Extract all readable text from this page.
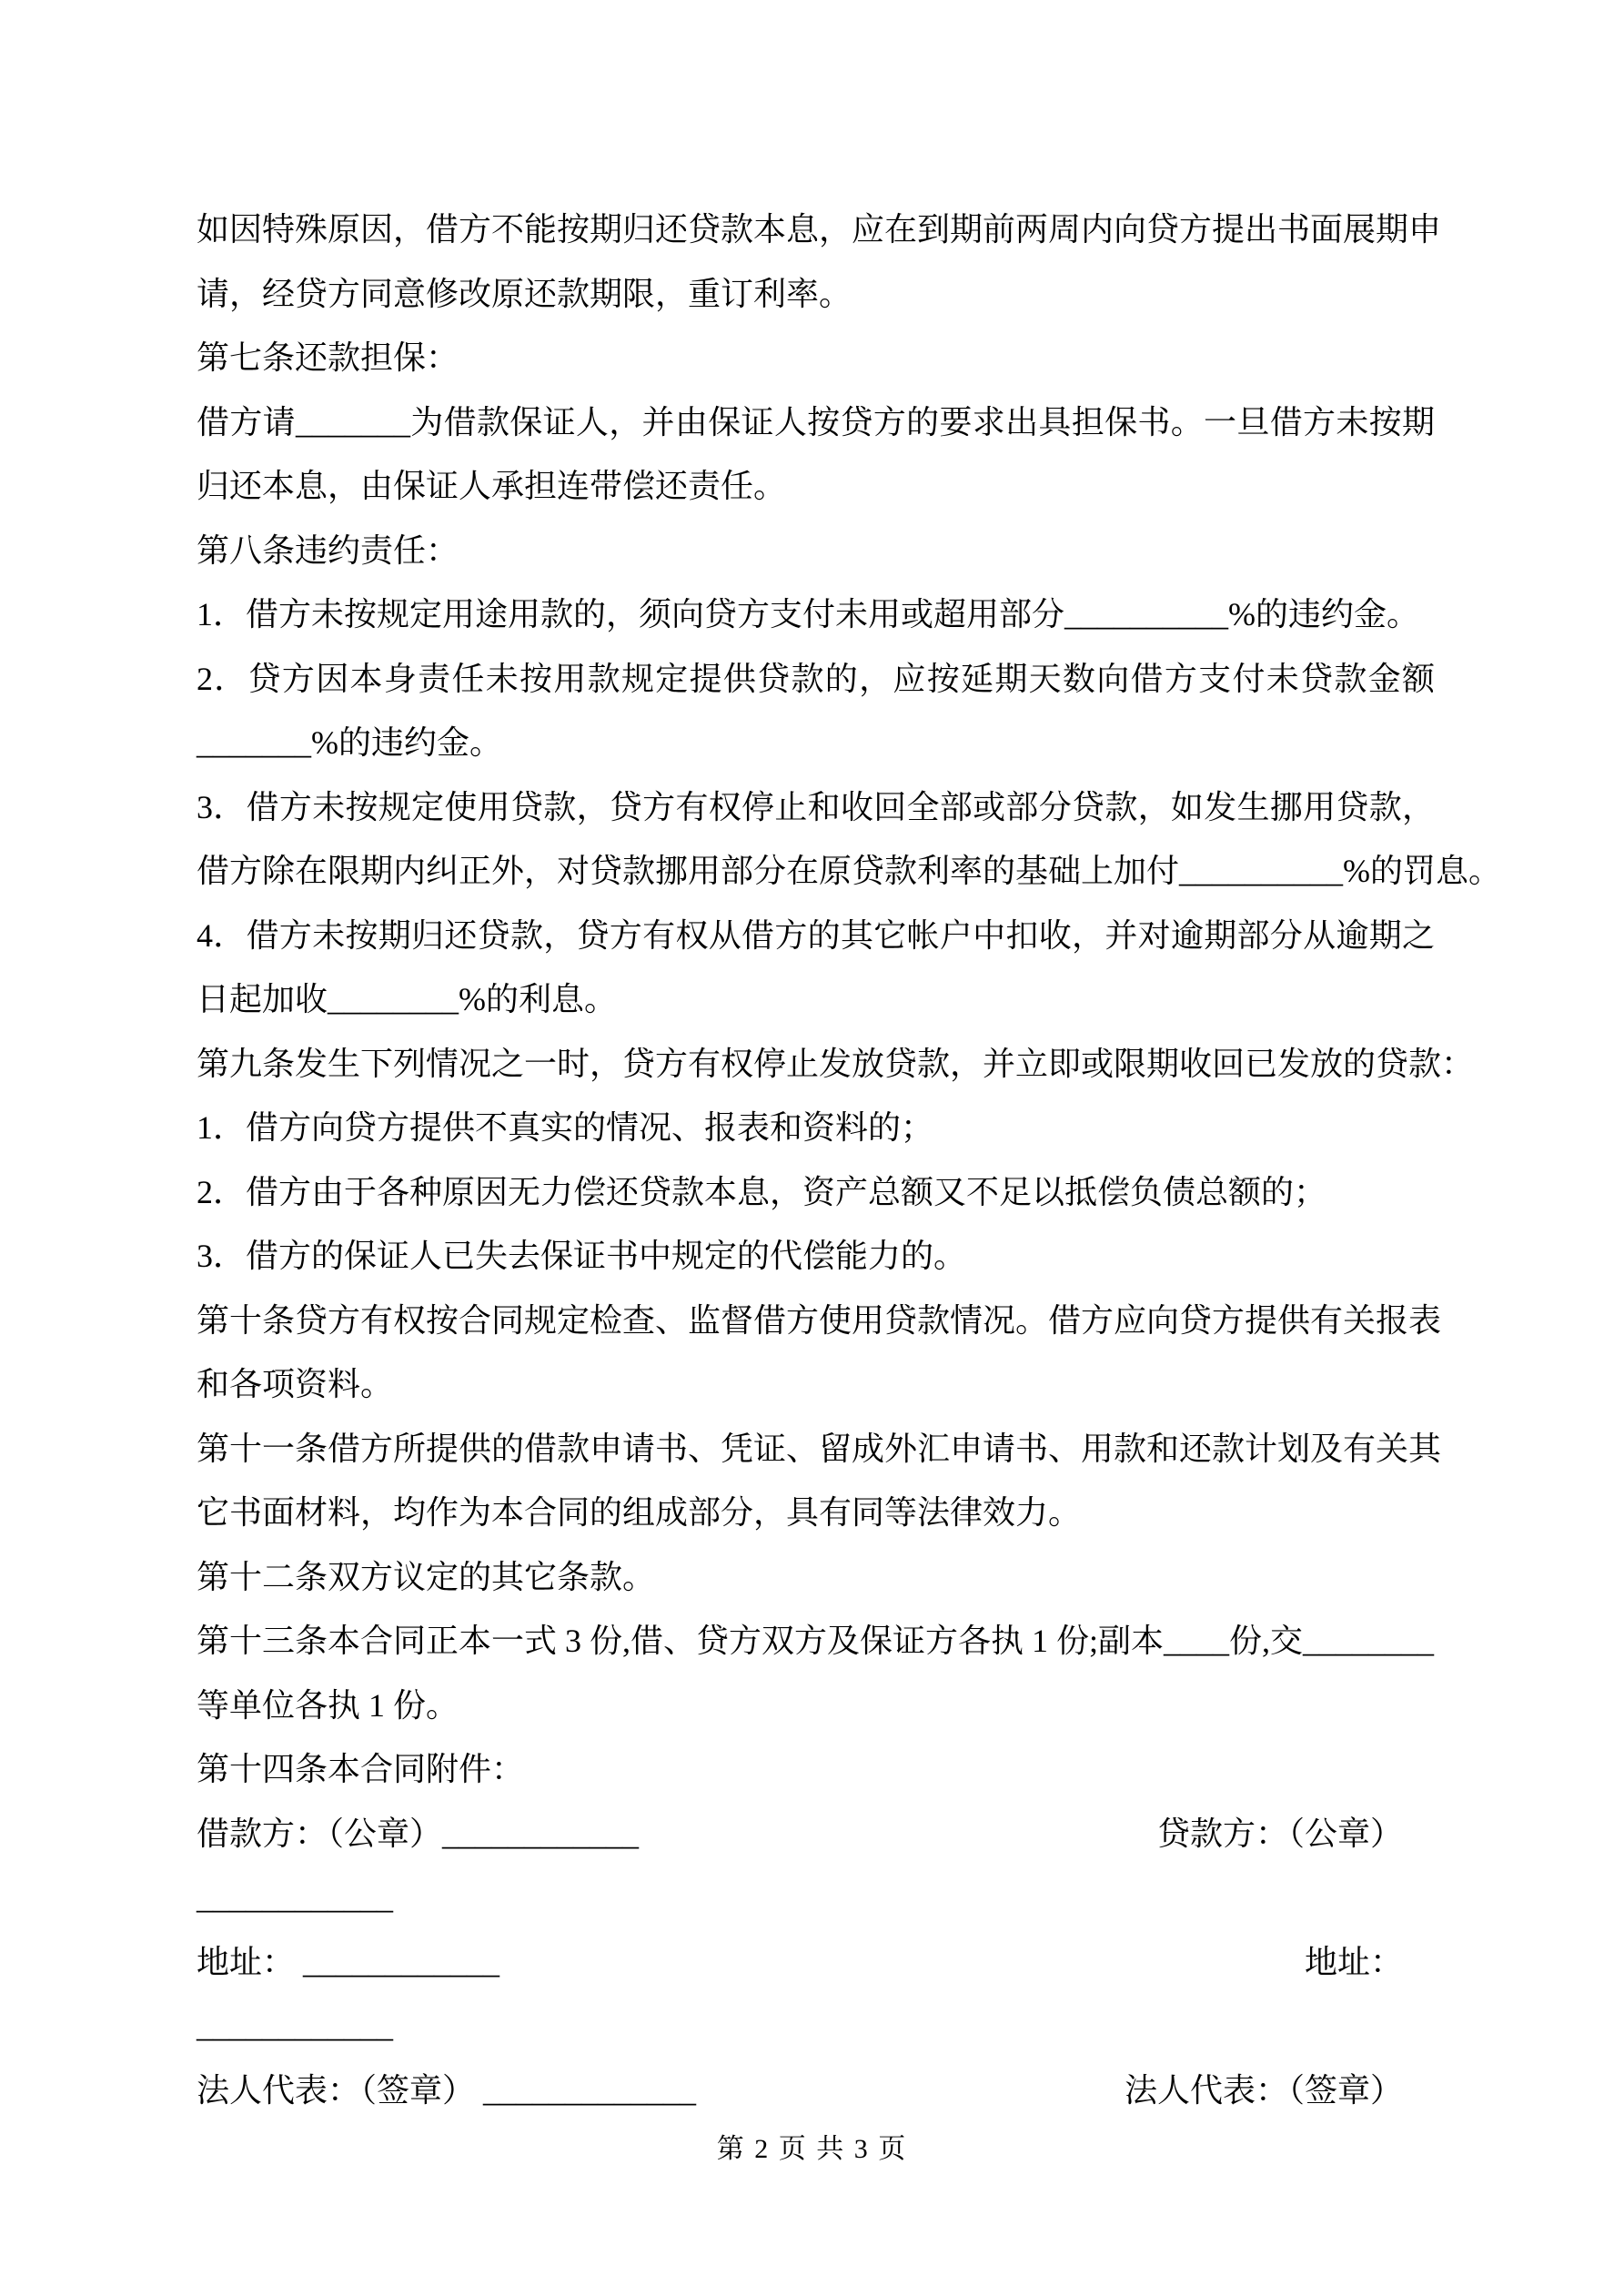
如因特殊原因，借方不能按期归还贷款本息，应在到期前两周内向贷方提出书面展期申
请，经贷方同意修改原还款期限，重订利率。
第七条还款担保：
借方请_______为借款保证人，并由保证人按贷方的要求出具担保书。一旦借方未按期
归还本息，由保证人承担连带偿还责任。
第八条违约责任：
1．借方未按规定用途用款的，须向贷方支付未用或超用部分__________%的违约金。
2．贷方因本身责任未按用款规定提供贷款的，应按延期天数向借方支付未贷款金额
_______%的违约金。
3．借方未按规定使用贷款，贷方有权停止和收回全部或部分贷款，如发生挪用贷款，
借方除在限期内纠正外，对贷款挪用部分在原贷款利率的基础上加付__________%的罚息。
4．借方未按期归还贷款，贷方有权从借方的其它帐户中扣收，并对逾期部分从逾期之
日起加收________%的利息。
第九条发生下列情况之一时，贷方有权停止发放贷款，并立即或限期收回已发放的贷款：
1．借方向贷方提供不真实的情况、报表和资料的；
2．借方由于各种原因无力偿还贷款本息，资产总额又不足以抵偿负债总额的；
3．借方的保证人已失去保证书中规定的代偿能力的。
第十条贷方有权按合同规定检查、监督借方使用贷款情况。借方应向贷方提供有关报表
和各项资料。
第十一条借方所提供的借款申请书、凭证、留成外汇申请书、用款和还款计划及有关其
它书面材料，均作为本合同的组成部分，具有同等法律效力。
第十二条双方议定的其它条款。
第十三条本合同正本一式 3 份,借、贷方双方及保证方各执 1 份;副本____份,交________
等单位各执 1 份。
第十四条本合同附件：
借款方：（公章）____________	贷款方：（公章）
____________
地址： ____________	地址：
____________
法人代表：（签章） _____________	法人代表：（签章）
第 2 页 共 3 页
